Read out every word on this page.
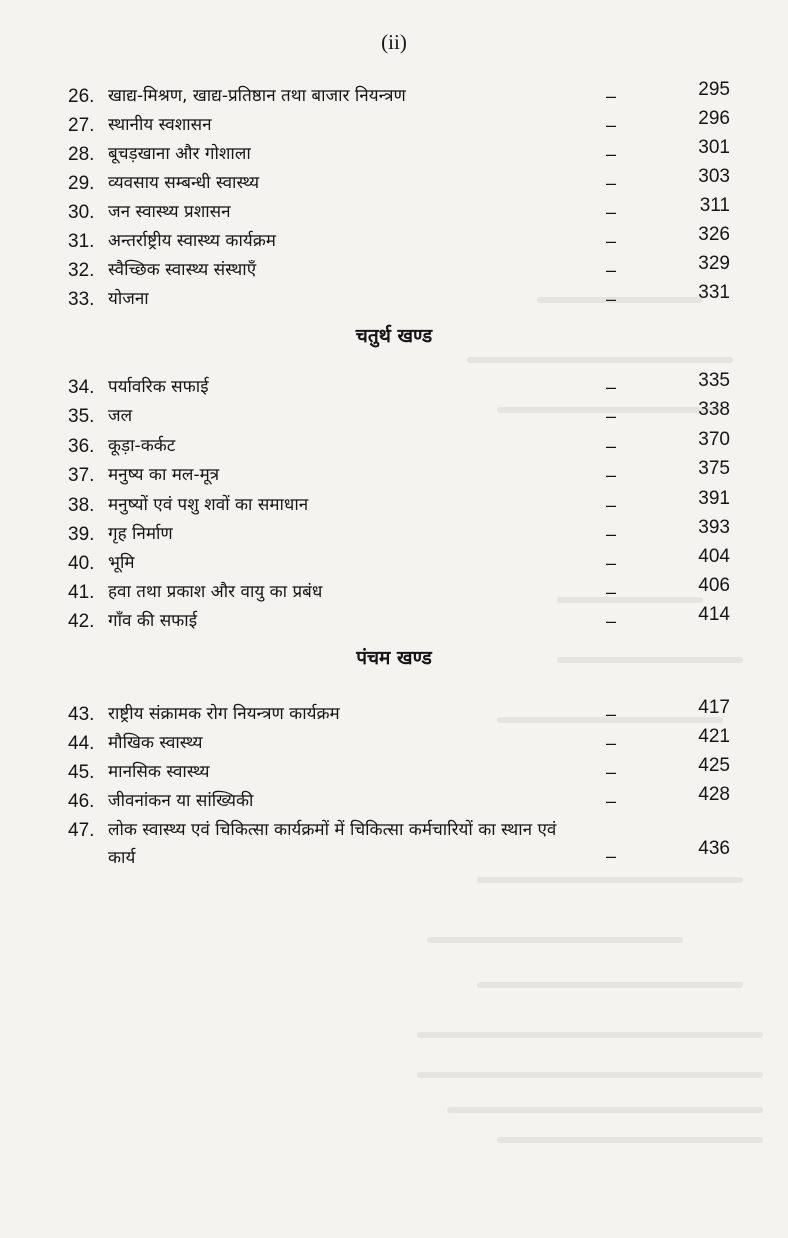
(ii)
26. खाद्य-मिश्रण, खाद्य-प्रतिष्ठान तथा बाजार नियन्त्रण	–	295
27. स्थानीय स्वशासन	–	296
28. बूचड़खाना और गोशाला	–	301
29. व्यवसाय सम्बन्धी स्वास्थ्य	–	303
30. जन स्वास्थ्य प्रशासन	–	311
31. अन्तर्राष्ट्रीय स्वास्थ्य कार्यक्रम	–	326
32. स्वैच्छिक स्वास्थ्य संस्थाएँ	–	329
33. योजना	–	331
चतुर्थ खण्ड
34. पर्यावरिक सफाई	–	335
35. जल	–	338
36. कूड़ा-कर्कट	–	370
37. मनुष्य का मल-मूत्र	–	375
38. मनुष्यों एवं पशु शवों का समाधान	–	391
39. गृह निर्माण	–	393
40. भूमि	–	404
41. हवा तथा प्रकाश और वायु का प्रबंध	–	406
42. गाँव की सफाई	–	414
पंचम खण्ड
43. राष्ट्रीय संक्रामक रोग नियन्त्रण कार्यक्रम	–	417
44. मौखिक स्वास्थ्य	–	421
45. मानसिक स्वास्थ्य	–	425
46. जीवनांकन या सांख्यिकी	–	428
47. लोक स्वास्थ्य एवं चिकित्सा कार्यक्रमों में चिकित्सा कर्मचारियों का स्थान एवं कार्य	–	436
